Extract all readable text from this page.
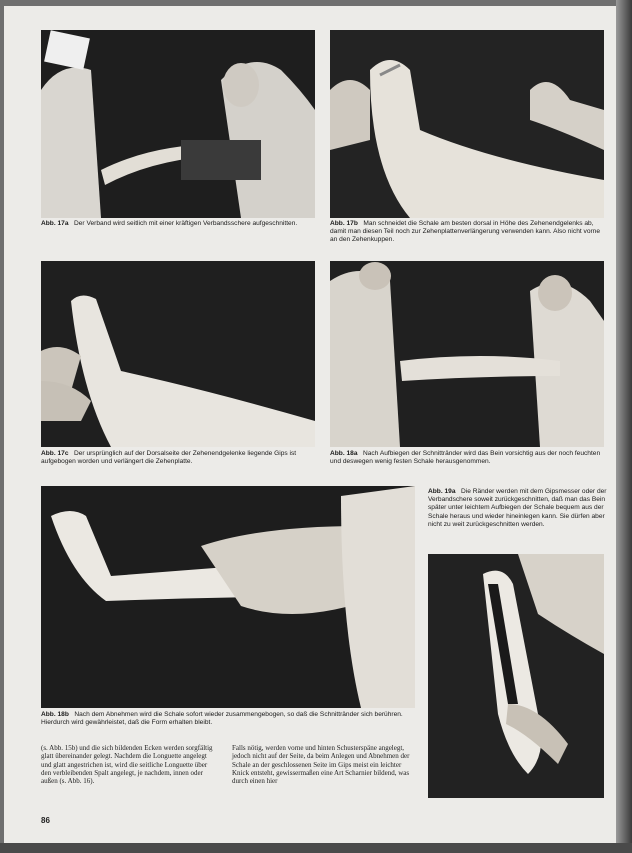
Abb. 17a Der Verband wird seitlich mit einer kräftigen Verbandsschere aufgeschnitten.	Abb. 17b Man schneidet die Schale am besten dorsal in Höhe des Zehenendgelenks ab, damit man diesen Teil noch zur Zehenplattenverlängerung verwenden kann. Also nicht vorne an den Zehenkuppen.
Abb. 17c Der ursprünglich auf der Dorsalseite der Zehenendgelenke liegende Gips ist aufgebogen worden und verlängert die Zehenplatte.
Abb. 18a Nach Aufbiegen der Schnittränder wird das Bein vorsichtig aus der noch feuchten und deswegen wenig festen Schale herausgenommen.
Abb. 19a Die Ränder werden mit dem Gipsmesser oder der Verbandschere soweit zurückgeschnitten, daß man das Bein später unter leichtem Aufbiegen der Schale bequem aus der Schale heraus und wieder hineinlegen kann. Sie dürfen aber nicht zu weit zurückgeschnitten werden.
Abb. 18b Nach dem Abnehmen wird die Schale sofort wieder zusammengebogen, so daß die Schnittränder sich berühren. Hierdurch wird gewährleistet, daß die Form erhalten bleibt.
(s. Abb. 15b) und die sich bildenden Ecken werden sorgfältig glatt übereinander gelegt. Nachdem die Longuette angelegt und glatt angestrichen ist, wird die seitliche Longuette über den verbleibenden Spalt angelegt, je nachdem, innen oder außen (s. Abb. 16).
Falls nötig, werden vorne und hinten Schusterspäne angelegt, jedoch nicht auf der Seite, da beim Anlegen und Abnehmen der Schale an der geschlossenen Seite im Gips meist ein leichter Knick entsteht, gewissermaßen eine Art Scharnier bildend, was durch einen hier
86
